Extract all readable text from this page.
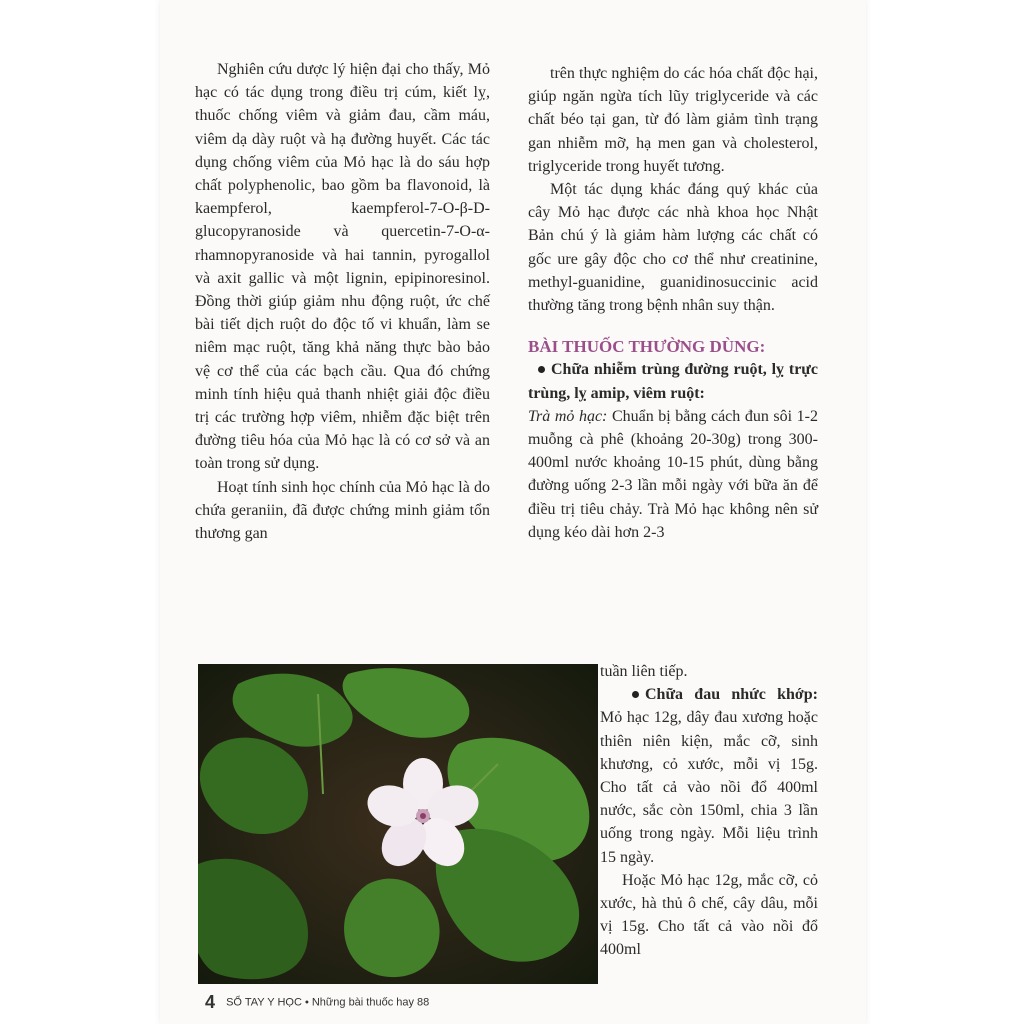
Nghiên cứu dược lý hiện đại cho thấy, Mỏ hạc có tác dụng trong điều trị cúm, kiết lỵ, thuốc chống viêm và giảm đau, cầm máu, viêm dạ dày ruột và hạ đường huyết. Các tác dụng chống viêm của Mỏ hạc là do sáu hợp chất polyphenolic, bao gồm ba flavonoid, là kaempferol, kaempferol-7-O-β-D-glucopyranoside và quercetin-7-O-α-rhamnopyranoside và hai tannin, pyrogallol và axit gallic và một lignin, epipinoresinol. Đồng thời giúp giảm nhu động ruột, ức chế bài tiết dịch ruột do độc tố vi khuẩn, làm se niêm mạc ruột, tăng khả năng thực bào bảo vệ cơ thể của các bạch cầu. Qua đó chứng minh tính hiệu quả thanh nhiệt giải độc điều trị các trường hợp viêm, nhiễm đặc biệt trên đường tiêu hóa của Mỏ hạc là có cơ sở và an toàn trong sử dụng.

Hoạt tính sinh học chính của Mỏ hạc là do chứa geraniin, đã được chứng minh giảm tổn thương gan

trên thực nghiệm do các hóa chất độc hại, giúp ngăn ngừa tích lũy triglyceride và các chất béo tại gan, từ đó làm giảm tình trạng gan nhiễm mỡ, hạ men gan và cholesterol, triglyceride trong huyết tương.

Một tác dụng khác đáng quý khác của cây Mỏ hạc được các nhà khoa học Nhật Bản chú ý là giảm hàm lượng các chất có gốc ure gây độc cho cơ thể như creatinine, methyl-guanidine, guanidinosuccinic acid thường tăng trong bệnh nhân suy thận.

BÀI THUỐC THƯỜNG DÙNG:

Chữa nhiễm trùng đường ruột, lỵ trực trùng, lỵ amip, viêm ruột:

Trà mỏ hạc: Chuẩn bị bằng cách đun sôi 1-2 muỗng cà phê (khoảng 20-30g) trong 300-400ml nước khoảng 10-15 phút, dùng bằng đường uống 2-3 lần mỗi ngày với bữa ăn để điều trị tiêu chảy. Trà Mỏ hạc không nên sử dụng kéo dài hơn 2-3

tuần liên tiếp.

Chữa đau nhức khớp: Mỏ hạc 12g, dây đau xương hoặc thiên niên kiện, mắc cỡ, sinh khương, cỏ xước, mỗi vị 15g. Cho tất cả vào nồi đổ 400ml nước, sắc còn 150ml, chia 3 lần uống trong ngày. Mỗi liệu trình 15 ngày.

Hoặc Mỏ hạc 12g, mắc cỡ, cỏ xước, hà thủ ô chế, cây dâu, mỗi vị 15g. Cho tất cả vào nồi đổ 400ml

4 SỔ TAY Y HỌC • Những bài thuốc hay 88
